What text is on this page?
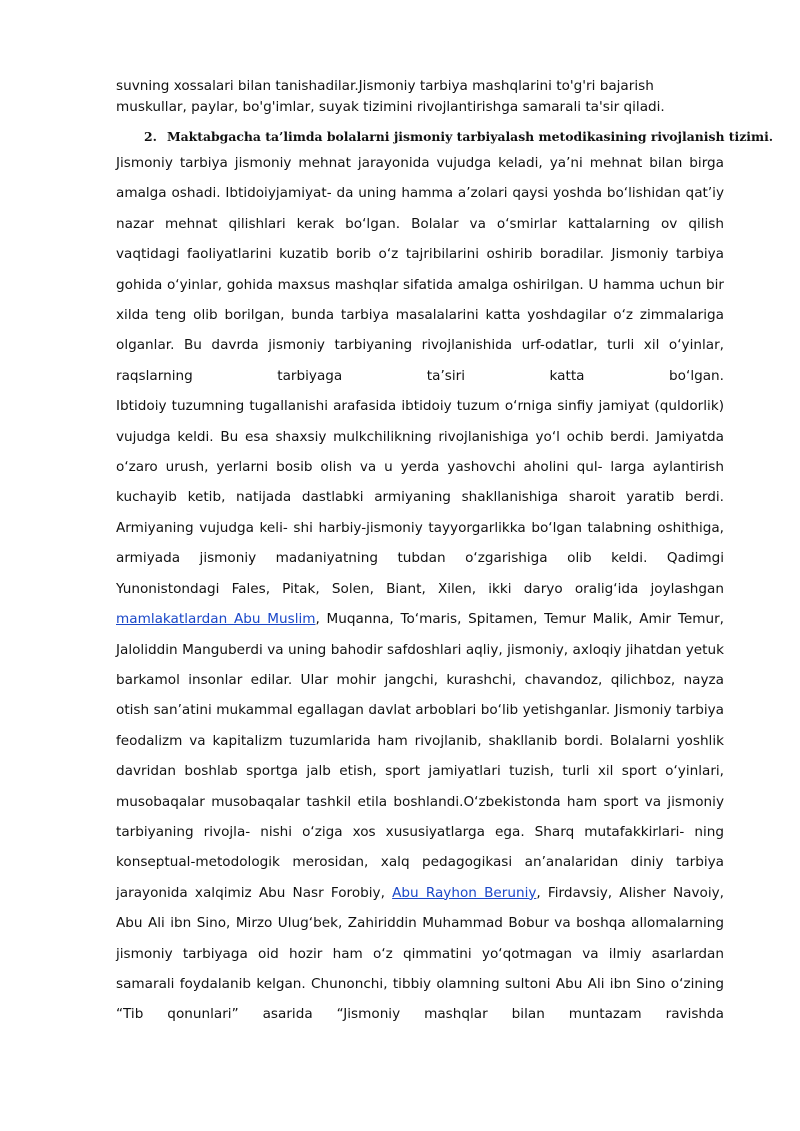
suvning xossalari bilan tanishadilar.Jismoniy tarbiya mashqlarini to'g'ri bajarish muskullar, paylar, bo'g'imlar, suyak tizimini rivojlantirishga samarali ta'sir qiladi.

2. Maktabgacha ta’limda bolalarni jismoniy tarbiyalash metodikasining rivojlanish tizimi.

Jismoniy tarbiya jismoniy mehnat jarayonida vujudga keladi, ya’ni mehnat bilan birga amalga oshadi. Ibtidoiyjamiyat- da uning hamma a’zolari qaysi yoshda bo‘lishidan qat’iy nazar mehnat qilishlari kerak bo‘lgan. Bolalar va o‘smirlar kattalarning ov qilish vaqtidagi faoliyatlarini kuzatib borib o‘z tajribilarini oshirib boradilar. Jismoniy tarbiya gohida o‘yinlar, gohida maxsus mashqlar sifatida amalga oshirilgan. U hamma uchun bir xilda teng olib borilgan, bunda tarbiya masalalarini katta yoshdagilar o‘z zimmalariga olganlar. Bu davrda jismoniy tarbiyaning rivojlanishida urf-odatlar, turli xil o‘yinlar, raqslarning tarbiyaga ta’siri katta bo‘lgan.

Ibtidoiy tuzumning tugallanishi arafasida ibtidoiy tuzum o‘rniga sinfiy jamiyat (quldorlik) vujudga keldi. Bu esa shaxsiy mulkchilikning rivojlanishiga yo‘l ochib berdi. Jamiyatda o‘zaro urush, yerlarni bosib olish va u yerda yashovchi aholini qul- larga aylantirish kuchayib ketib, natijada dastlabki armiyaning shakllanishiga sharoit yaratib berdi. Armiyaning vujudga keli- shi harbiy-jismoniy tayyorgarlikka bo‘lgan talabning oshithiga, armiyada jismoniy madaniyatning tubdan o‘zgarishiga olib keldi. Qadimgi Yunonistondagi Fales, Pitak, Solen, Biant, Xilen, ikki daryo oralig‘ida joylashgan mamlakatlardan Abu Muslim, Muqanna, To‘maris, Spitamen, Temur Malik, Amir Temur, Jaloliddin Manguberdi va uning bahodir safdoshlari aqliy, jismoniy, axloqiy jihatdan yetuk barkamol insonlar edilar. Ular mohir jangchi, kurashchi, chavandoz, qilichboz, nayza otish san’atini mukammal egallagan davlat arboblari bo‘lib yetishganlar. Jismoniy tarbiya feodalizm va kapitalizm tuzumlarida ham rivojlanib, shakllanib bordi. Bolalarni yoshlik davridan boshlab sportga jalb etish, sport jamiyatlari tuzish, turli xil sport o‘yinlari, musobaqalar musobaqalar tashkil etila boshlandi.O‘zbekistonda ham sport va jismoniy tarbiyaning rivojla- nishi o‘ziga xos xususiyatlarga ega. Sharq mutafakkirlari- ning konseptual-metodologik merosidan, xalq pedagogikasi an’analaridan diniy tarbiya jarayonida xalqimiz Abu Nasr Forobiy, Abu Rayhon Beruniy, Firdavsiy, Alisher Navoiy, Abu Ali ibn Sino, Mirzo Ulug‘bek, Zahiriddin Muhammad Bobur va boshqa allomalarning jismoniy tarbiyaga oid hozir ham o‘z qimmatini yo‘qotmagan va ilmiy asarlardan samarali foydalanib kelgan. Chunonchi, tibbiy olamning sultoni Abu Ali ibn Sino o‘zining “Tib qonunlari” asarida “Jismoniy mashqlar bilan muntazam ravishda
